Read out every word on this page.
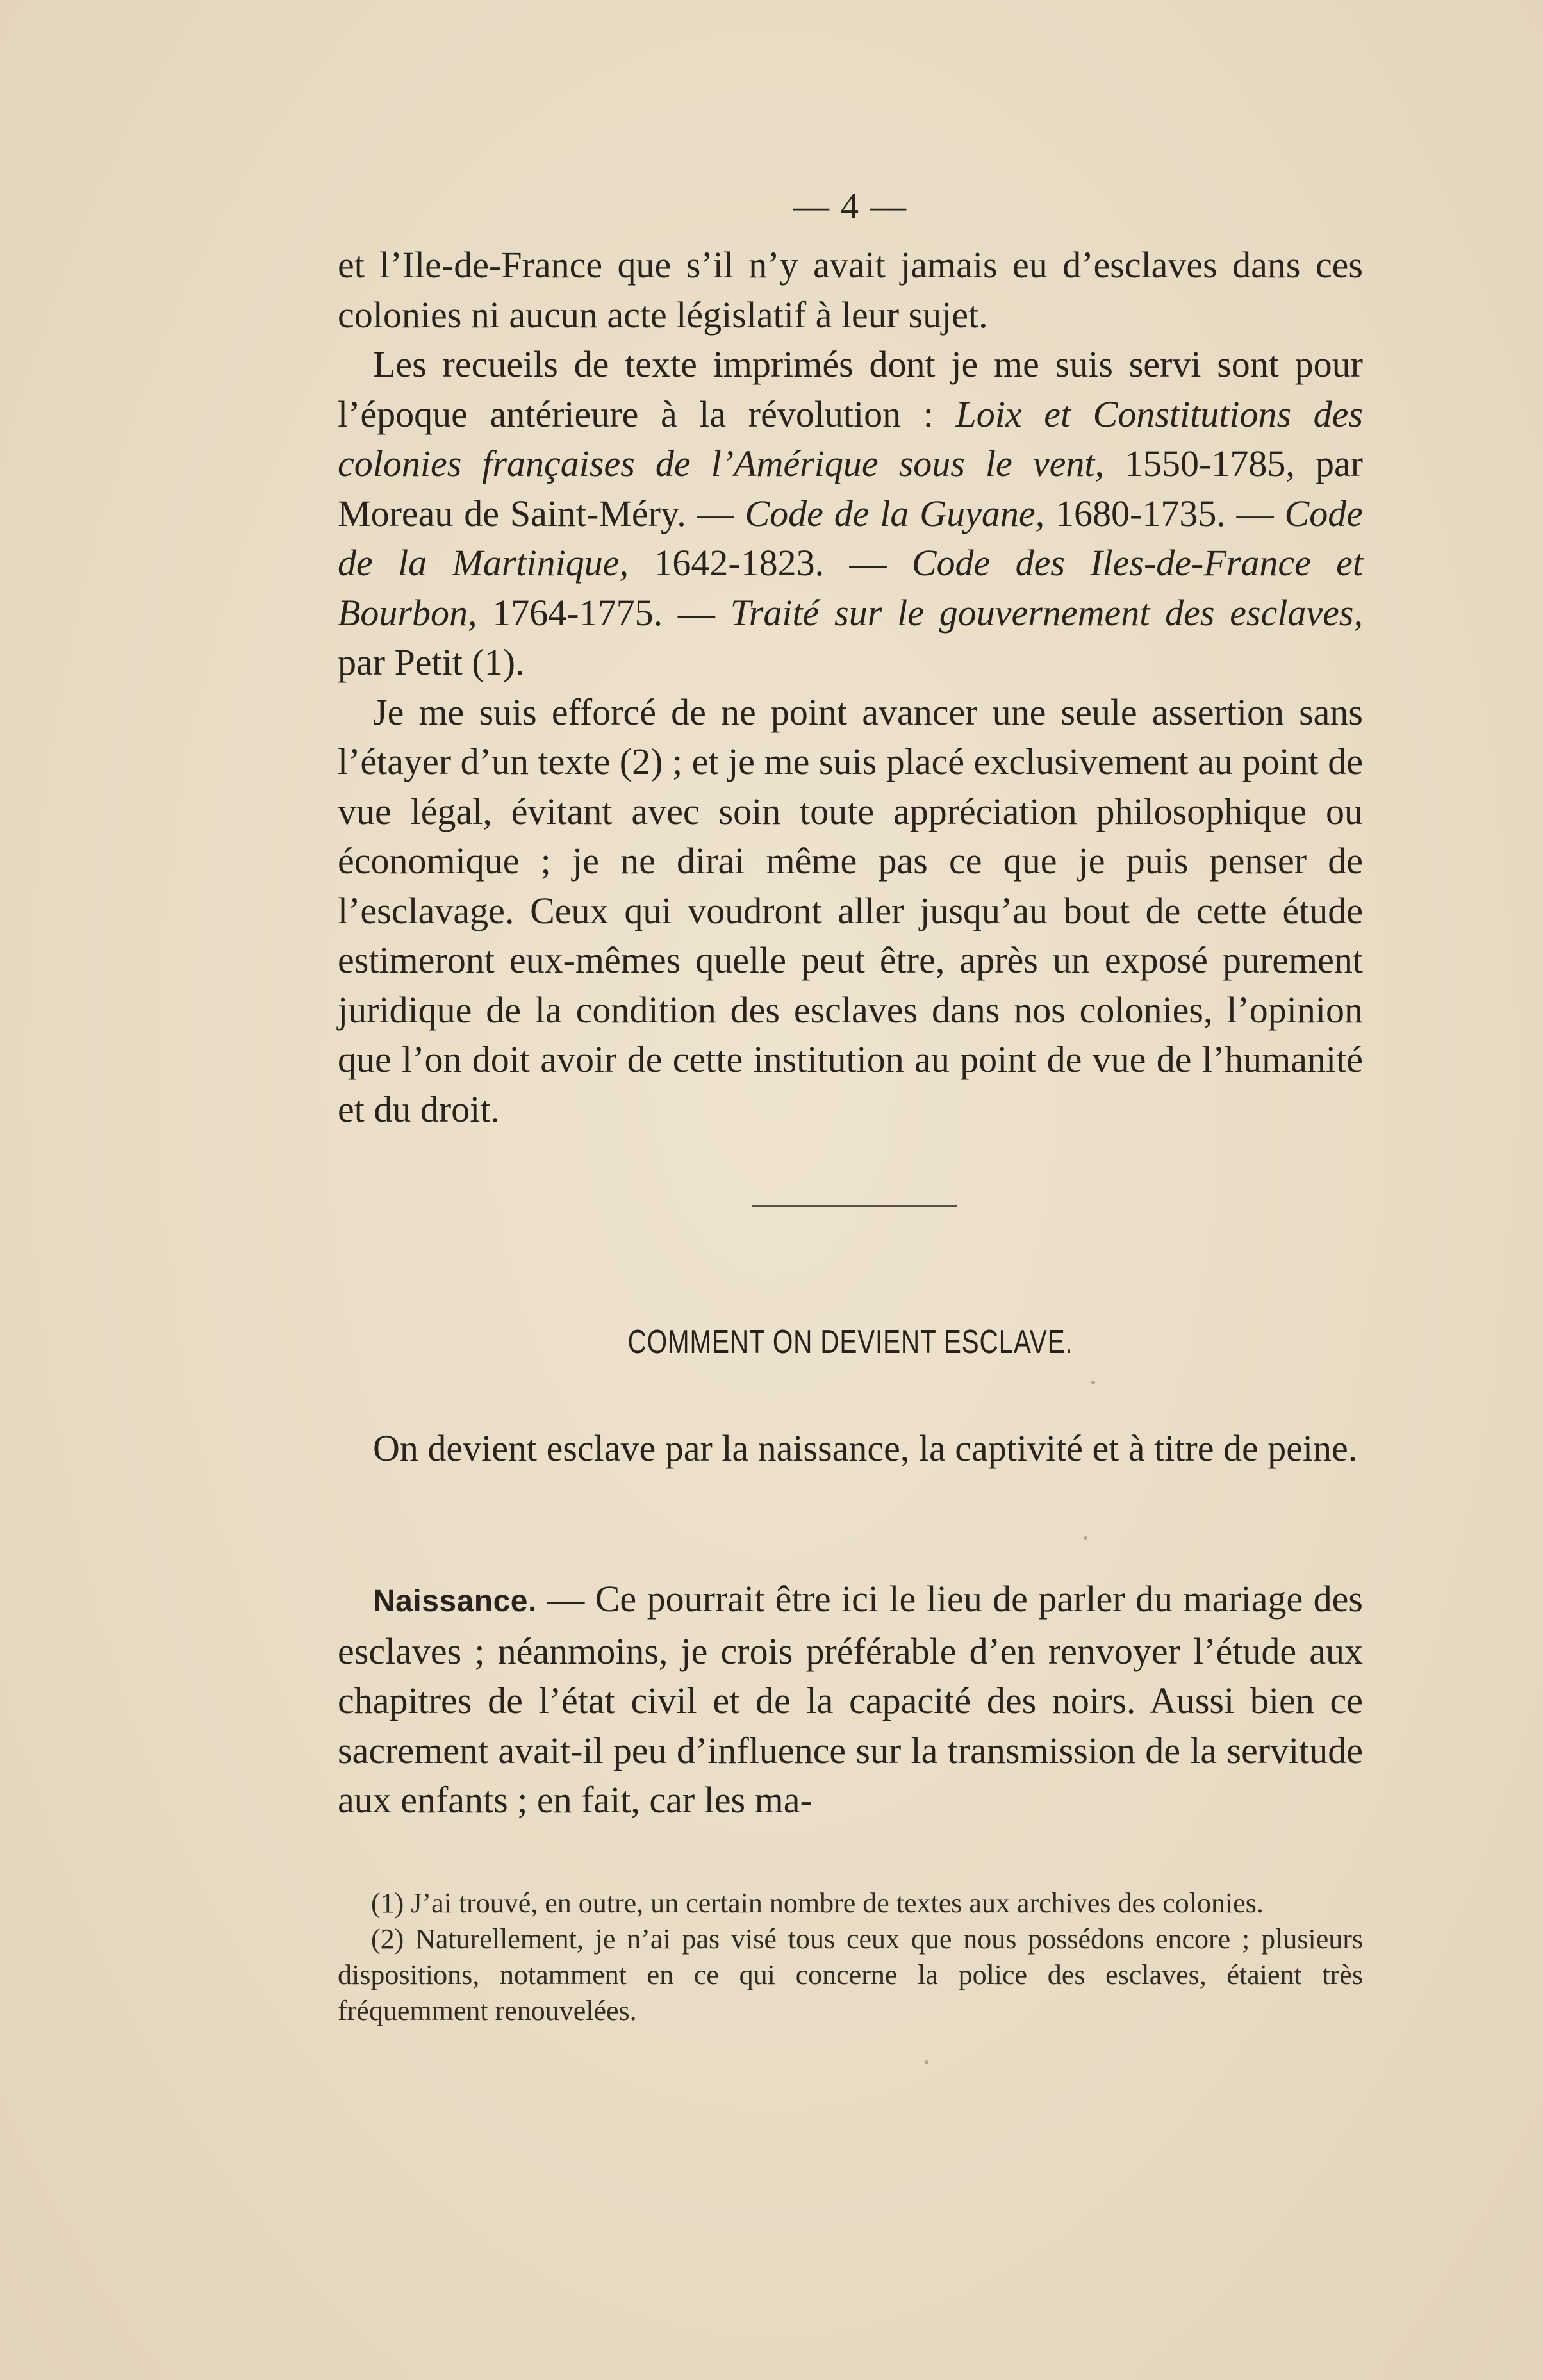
— 4 —

et l’Ile-de-France que s’il n’y avait jamais eu d’esclaves dans ces colonies ni aucun acte législatif à leur sujet.

Les recueils de texte imprimés dont je me suis servi sont pour l’époque antérieure à la révolution : Loix et Constitutions des colonies françaises de l’Amérique sous le vent, 1550-1785, par Moreau de Saint-Méry. — Code de la Guyane, 1680-1735. — Code de la Martinique, 1642-1823. — Code des Iles-de-France et Bourbon, 1764-1775. — Traité sur le gouvernement des esclaves, par Petit (1).

Je me suis efforcé de ne point avancer une seule assertion sans l’étayer d’un texte (2) ; et je me suis placé exclusivement au point de vue légal, évitant avec soin toute appréciation philosophique ou économique ; je ne dirai même pas ce que je puis penser de l’esclavage. Ceux qui voudront aller jusqu’au bout de cette étude estimeront eux-mêmes quelle peut être, après un exposé purement juridique de la condition des esclaves dans nos colonies, l’opinion que l’on doit avoir de cette institution au point de vue de l’humanité et du droit.

COMMENT ON DEVIENT ESCLAVE.

On devient esclave par la naissance, la captivité et à titre de peine.

Naissance. — Ce pourrait être ici le lieu de parler du mariage des esclaves ; néanmoins, je crois préférable d’en renvoyer l’étude aux chapitres de l’état civil et de la capacité des noirs. Aussi bien ce sacrement avait-il peu d’influence sur la transmission de la servitude aux enfants ; en fait, car les ma-

(1) J’ai trouvé, en outre, un certain nombre de textes aux archives des colonies.

(2) Naturellement, je n’ai pas visé tous ceux que nous possédons encore ; plusieurs dispositions, notamment en ce qui concerne la police des esclaves, étaient très fréquemment renouvelées.
